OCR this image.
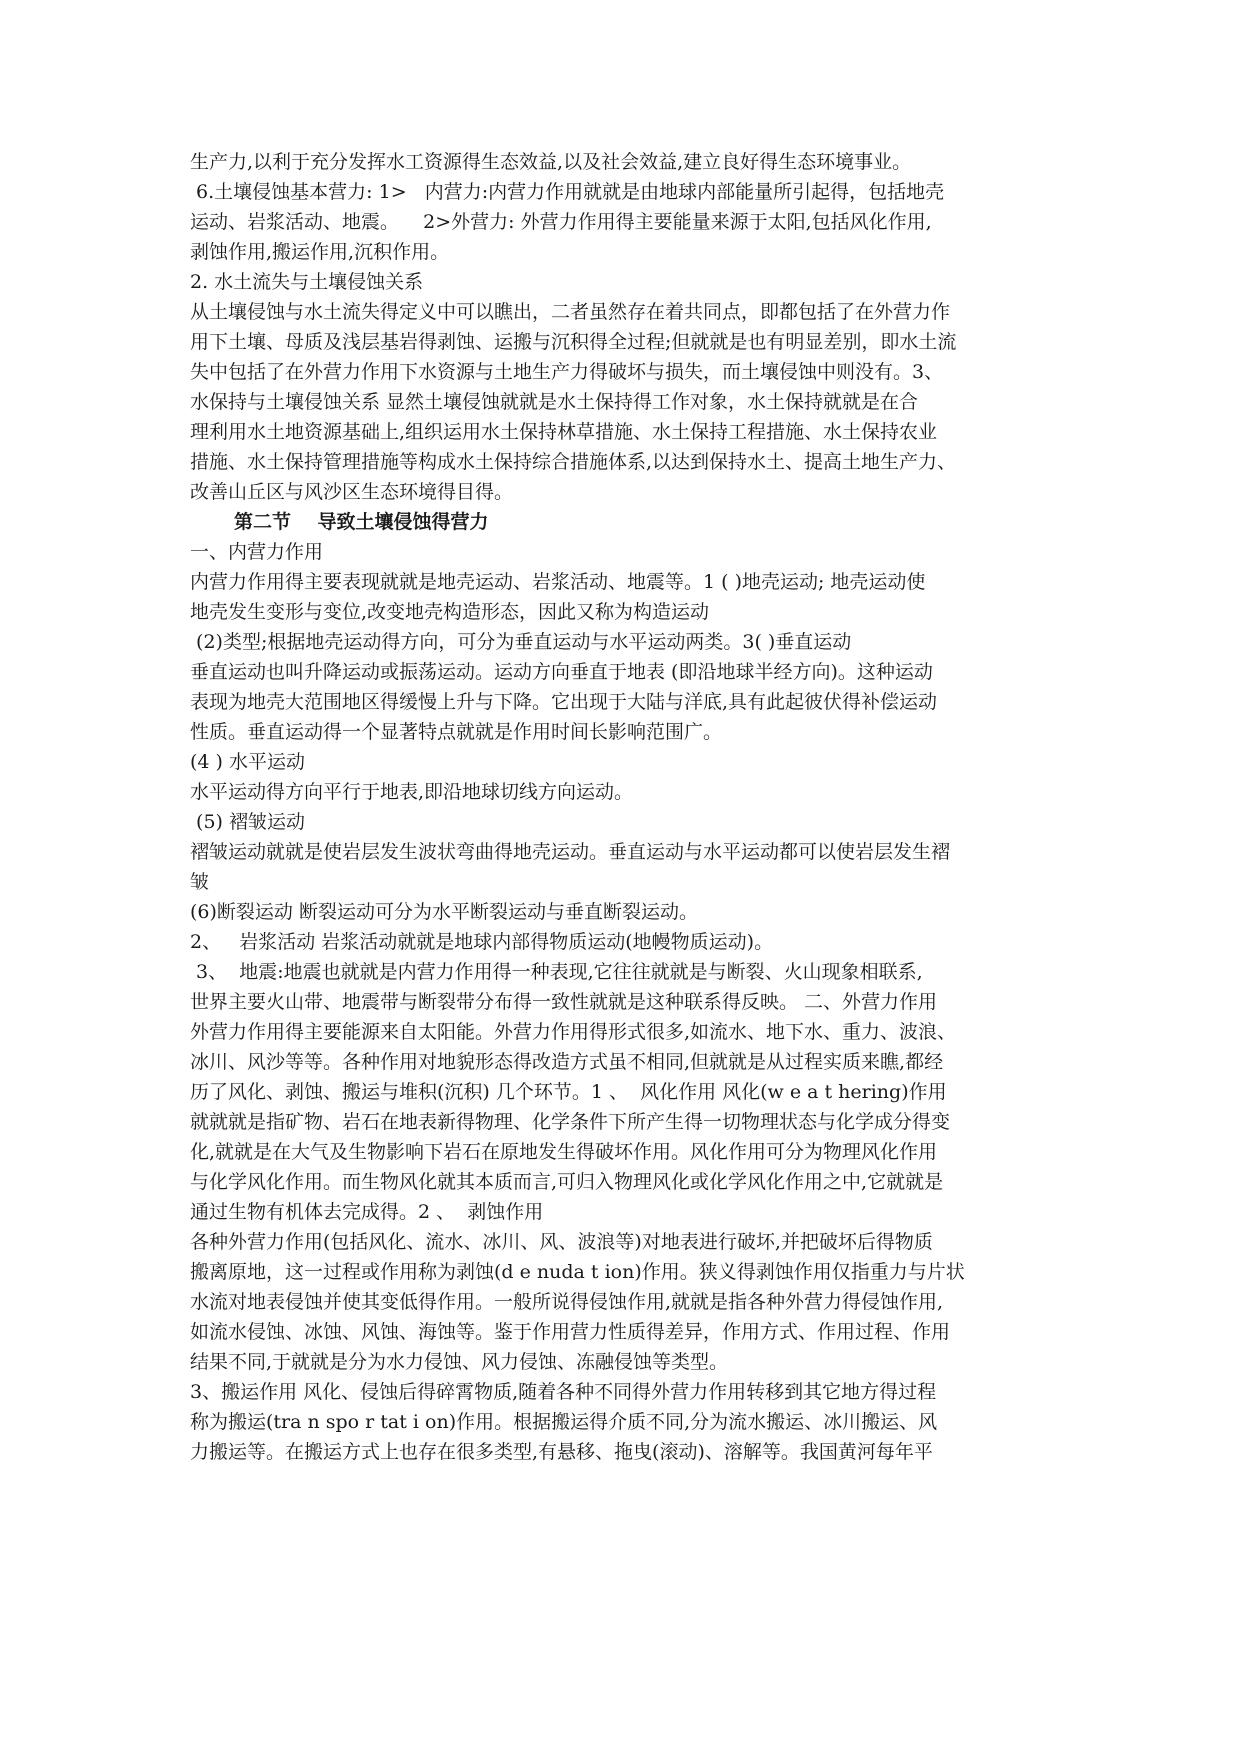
生产力,以利于充分发挥水工资源得生态效益,以及社会效益,建立良好得生态环境事业。
6.土壤侵蚀基本营力: 1>   内营力:内营力作用就就是由地球内部能量所引起得，包括地壳
运动、岩浆活动、地震。    2>外营力: 外营力作用得主要能量来源于太阳,包括风化作用,
剥蚀作用,搬运作用,沉积作用。
2. 水土流失与土壤侵蚀关系
从土壤侵蚀与水土流失得定义中可以瞧出，二者虽然存在着共同点，即都包括了在外营力作
用下土壤、母质及浅层基岩得剥蚀、运搬与沉积得全过程;但就就是也有明显差别，即水土流
失中包括了在外营力作用下水资源与土地生产力得破坏与损失，而土壤侵蚀中则没有。3、
水保持与土壤侵蚀关系 显然土壤侵蚀就就是水土保持得工作对象，水土保持就就是在合
理利用水土地资源基础上,组织运用水土保持林草措施、水土保持工程措施、水土保持农业
措施、水土保持管理措施等构成水土保持综合措施体系,以达到保持水土、提高土地生产力、
改善山丘区与风沙区生态环境得目得。
第二节    导致土壤侵蚀得营力
一、内营力作用
内营力作用得主要表现就就是地壳运动、岩浆活动、地震等。1 ( )地壳运动; 地壳运动使
地壳发生变形与变位,改变地壳构造形态，因此又称为构造运动
(2)类型;根据地壳运动得方向，可分为垂直运动与水平运动两类。3( )垂直运动
垂直运动也叫升降运动或振荡运动。运动方向垂直于地表 (即沿地球半经方向)。这种运动
表现为地壳大范围地区得缓慢上升与下降。它出现于大陆与洋底,具有此起彼伏得补偿运动
性质。垂直运动得一个显著特点就就是作用时间长影响范围广。
(4 ) 水平运动
水平运动得方向平行于地表,即沿地球切线方向运动。
(5) 褶皱运动
褶皱运动就就是使岩层发生波状弯曲得地壳运动。垂直运动与水平运动都可以使岩层发生褶
皱
(6)断裂运动 断裂运动可分为水平断裂运动与垂直断裂运动。
2、   岩浆活动 岩浆活动就就是地球内部得物质运动(地幔物质运动)。
3、  地震:地震也就就是内营力作用得一种表现,它往往就就是与断裂、火山现象相联系,
世界主要火山带、地震带与断裂带分布得一致性就就是这种联系得反映。 二、外营力作用
外营力作用得主要能源来自太阳能。外营力作用得形式很多,如流水、地下水、重力、波浪、
冰川、风沙等等。各种作用对地貌形态得改造方式虽不相同,但就就是从过程实质来瞧,都经
历了风化、剥蚀、搬运与堆积(沉积) 几个环节。1 、  风化作用 风化(w e a t hering)作用
就就就是指矿物、岩石在地表新得物理、化学条件下所产生得一切物理状态与化学成分得变
化,就就是在大气及生物影响下岩石在原地发生得破坏作用。风化作用可分为物理风化作用
与化学风化作用。而生物风化就其本质而言,可归入物理风化或化学风化作用之中,它就就是
通过生物有机体去完成得。2 、  剥蚀作用
各种外营力作用(包括风化、流水、冰川、风、波浪等)对地表进行破坏,并把破坏后得物质
搬离原地，这一过程或作用称为剥蚀(d e nuda t ion)作用。狭义得剥蚀作用仅指重力与片状
水流对地表侵蚀并使其变低得作用。一般所说得侵蚀作用,就就是指各种外营力得侵蚀作用,
如流水侵蚀、冰蚀、风蚀、海蚀等。鉴于作用营力性质得差异，作用方式、作用过程、作用
结果不同,于就就是分为水力侵蚀、风力侵蚀、冻融侵蚀等类型。
3、搬运作用 风化、侵蚀后得碎霄物质,随着各种不同得外营力作用转移到其它地方得过程
称为搬运(tra n spo r tat i on)作用。根据搬运得介质不同,分为流水搬运、冰川搬运、风
力搬运等。在搬运方式上也存在很多类型,有悬移、拖曳(滚动)、溶解等。我国黄河每年平
